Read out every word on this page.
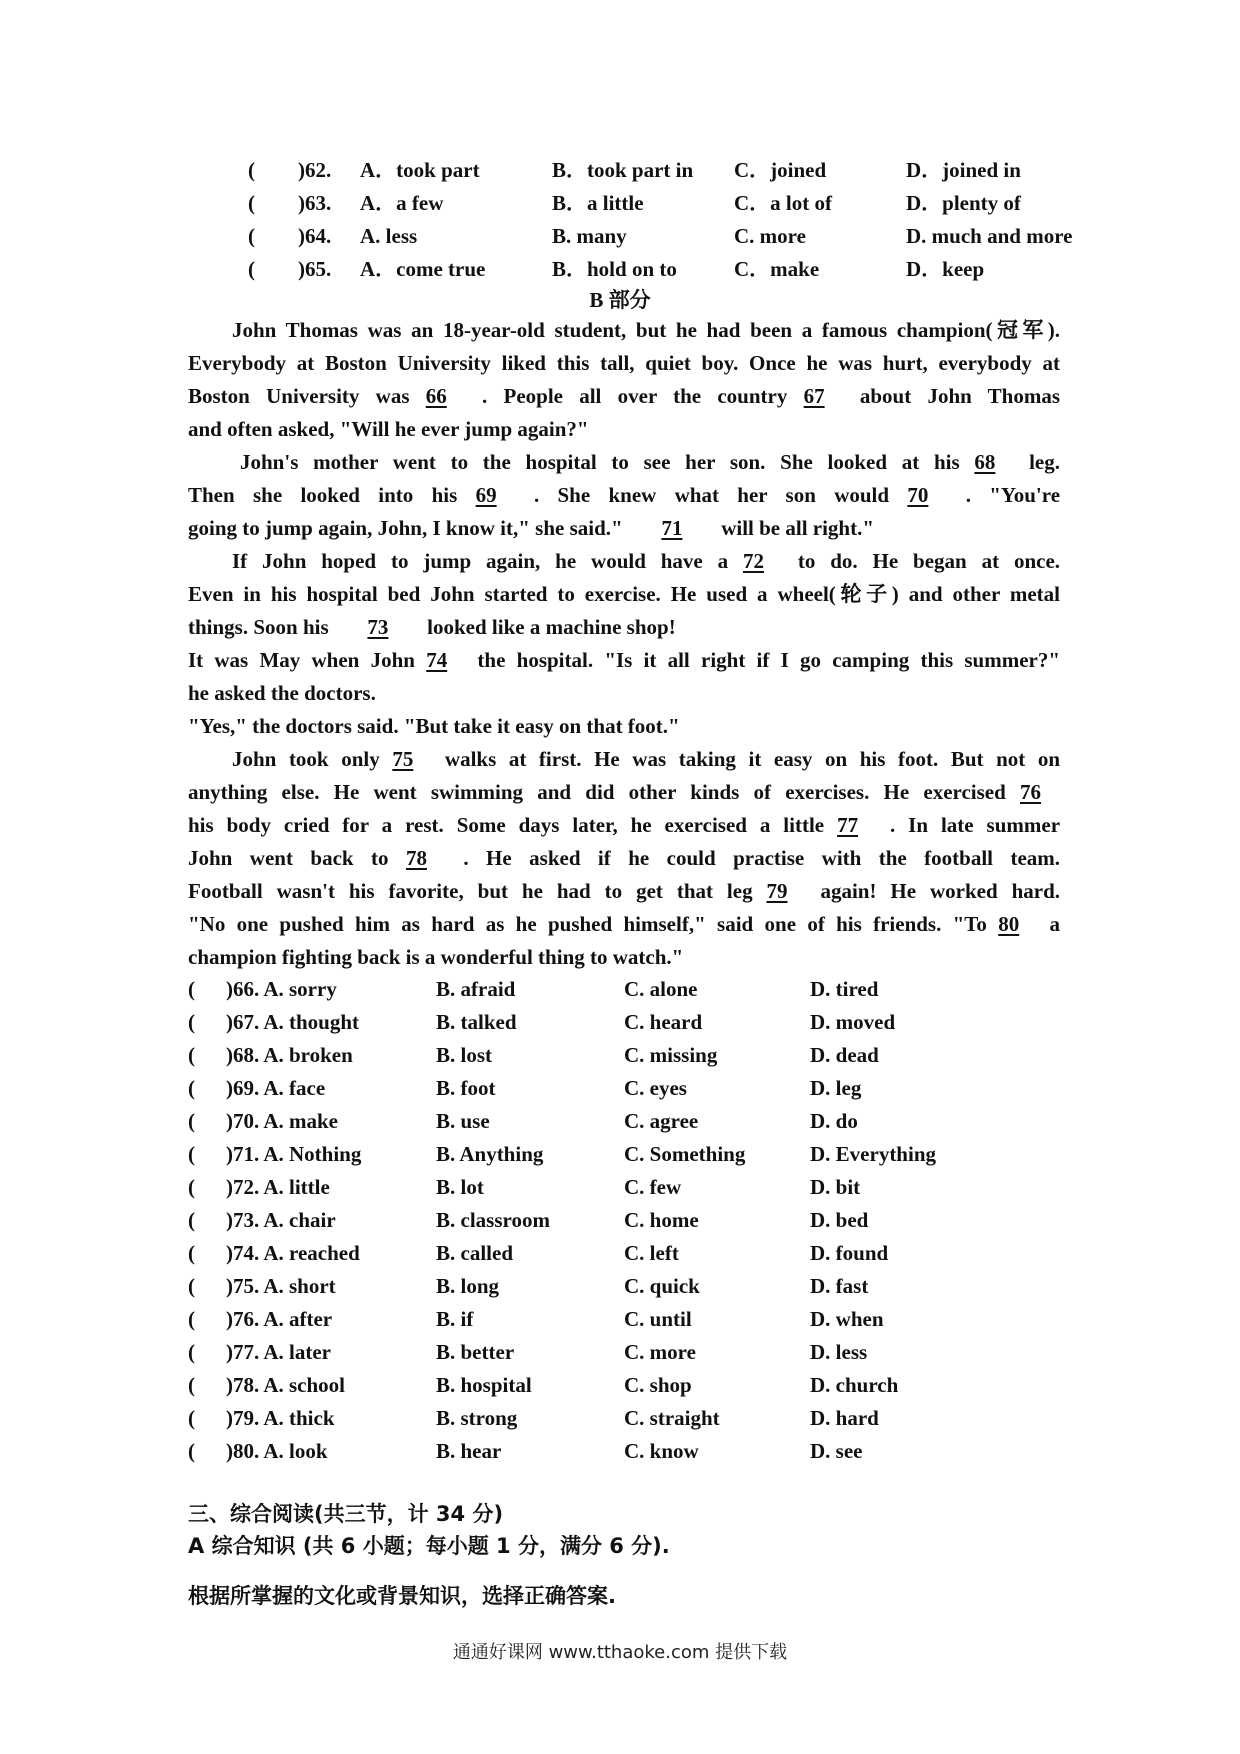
( )62. A．took part	B．took part in C．joined	D．joined in
( )63. A．a few	B．a little	C．a lot of	D．plenty of
( )64. A. less	B. many	C. more	D. much and more
( )65. A．come true	B．hold on to	C．make	D．keep
B 部分
John Thomas was an 18-year-old student, but he had been a famous champion(冠军).
Everybody at Boston University liked this tall, quiet boy. Once he was hurt, everybody at
Boston University was 66 . People all over the country 67 about John Thomas
and often asked, "Will he ever jump again?"
John's mother went to the hospital to see her son. She looked at his 68 leg.
Then she looked into his 69 . She knew what her son would 70 . "You're
going to jump again, John, I know it," she said." 71 will be all right."
If John hoped to jump again, he would have a 72 to do. He began at once.
Even in his hospital bed John started to exercise. He used a wheel(轮子) and other metal
things. Soon his 73 looked like a machine shop!
It was May when John 74 the hospital. "Is it all right if I go camping this summer?"
he asked the doctors.
"Yes," the doctors said. "But take it easy on that foot."
John took only 75 walks at first. He was taking it easy on his foot. But not on
anything else. He went swimming and did other kinds of exercises. He exercised 76
his body cried for a rest. Some days later, he exercised a little 77 . In late summer
John went back to 78 . He asked if he could practise with the football team.
Football wasn't his favorite, but he had to get that leg 79 again! He worked hard.
"No one pushed him as hard as he pushed himself," said one of his friends. "To 80 a
champion fighting back is a wonderful thing to watch."
( )66. A. sorry	B. afraid	C. alone	D. tired
( )67. A. thought	B. talked	C. heard	D. moved
( )68. A. broken	B. lost	C. missing	D. dead
( )69. A. face	B. foot	C. eyes	D. leg
( )70. A. make	B. use	C. agree	D. do
( )71. A. Nothing	B. Anything	C. Something	D. Everything
( )72. A. little	B. lot	C. few	D. bit
( )73. A. chair	B. classroom	C. home	D. bed
( )74. A. reached	B. called	C. left	D. found
( )75. A. short	B. long	C. quick	D. fast
( )76. A. after	B. if	C. until	D. when
( )77. A. later	B. better	C. more	D. less
( )78. A. school	B. hospital	C. shop	D. church
( )79. A. thick	B. strong	C. straight	D. hard
( )80. A. look	B. hear	C. know	D. see
三、综合阅读(共三节，计 34 分)
A 综合知识 (共 6 小题；每小题 1 分，满分 6 分).
根据所掌握的文化或背景知识，选择正确答案.
通通好课网 www.tthaoke.com 提供下载
